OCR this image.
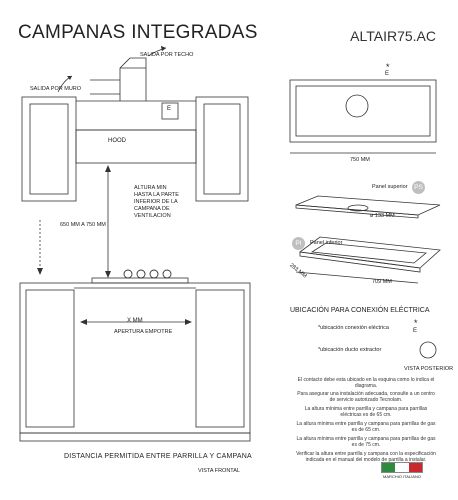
CAMPANAS INTEGRADAS	ALTAIR75.AC
SALIDA POR TECHO
SALIDA POR MURO
E
HOOD
ALTURA MIN
HASTA LA PARTE
INFERIOR DE LA
CAMPANA DE
VENTILACION
650 MM A 750 MM
X MM
APERTURA EMPOTRE
DISTANCIA PERMITIDA ENTRE PARRILLA Y CAMPANA
VISTA FRONTAL
*
E
750 MM
Panel superior	PS
ø 133 MM
PI	Panel inferior
283 MM
709 MM
UBICACIÓN PARA CONEXIÓN ELÉCTRICA
*ubicación conexión eléctrica	*
E
*ubicación ducto extractor
VISTA POSTERIOR
El contacto debe esta ubicado en la esquina como lo indica el diagrama.
Para asegurar una instalación adecuada, consulte a un centro de servicio autorizado Tecnolam.
La altura mínima entre parrilla y campana para parrillas eléctricas es de 65 cm.
La altura mínima entre parrilla y campana para parrillas de gas es de 65 cm.
La altura mínima entre parrilla y campana para parrillas de gas es de 75 cm.
Verificar la altura entre parrilla y campana con la especificación indicada en el manual del modelo de parrilla a instalar.
MARCHIO ITALIANO
